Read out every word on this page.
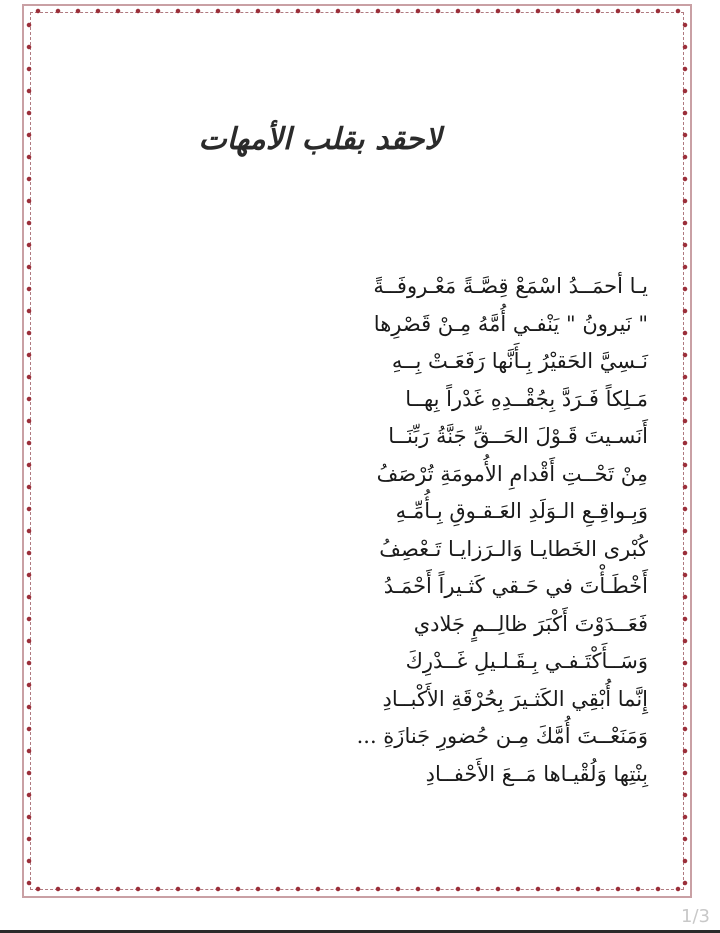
لاحقد بقلب الأمهات
يـا أحمَــدُ اسْمَعْ قِصَّـةً مَعْـروفَــةً
" نَيرونُ " يَنْفـي أُمَّهُ مِـنْ قَصْرِها
نَـسِيَّ الحَقيْرُ بِـأَنَّها رَفَعَـتْ بِــهِ
مَـلِكاً فَـرَدَّ بِجُقْــدِهِ غَدْراً بِهــا
أَنَسـيتَ قَـوْلَ الحَــقِّ جَنَّةُ رَبِّنَــا
مِنْ تَحْــتِ أَقْدامِ الأُمومَةِ تُرْصَفُ
وَبِـواقِـعِ الـوَلَدِ العَـقـوقِ بِـأُمِّـهِ
كُبْرى الخَطايـا وَالـرَزايـا تَـعْصِفُ
أَخْطَـأْتَ في حَـقي كَثـيراً أَحْمَـدُ
فَعَــدَوْتَ أَكْبَرَ ظالِــمٍ جَلادي
وَسَــأَكْتَـفـي بِـقَـلـيلِ غَــدْرِكَ
إِنَّما أُبْقِي الكَثـيرَ بِحُرْقَةِ الأَكْبــادِ
وَمَنَعْــتَ أُمَّكَ مِـن حُضورِ جَنازَةِ ...
بِنْتِها وَلُقْيـاها مَــعَ الأَحْفــادِ
1/3
